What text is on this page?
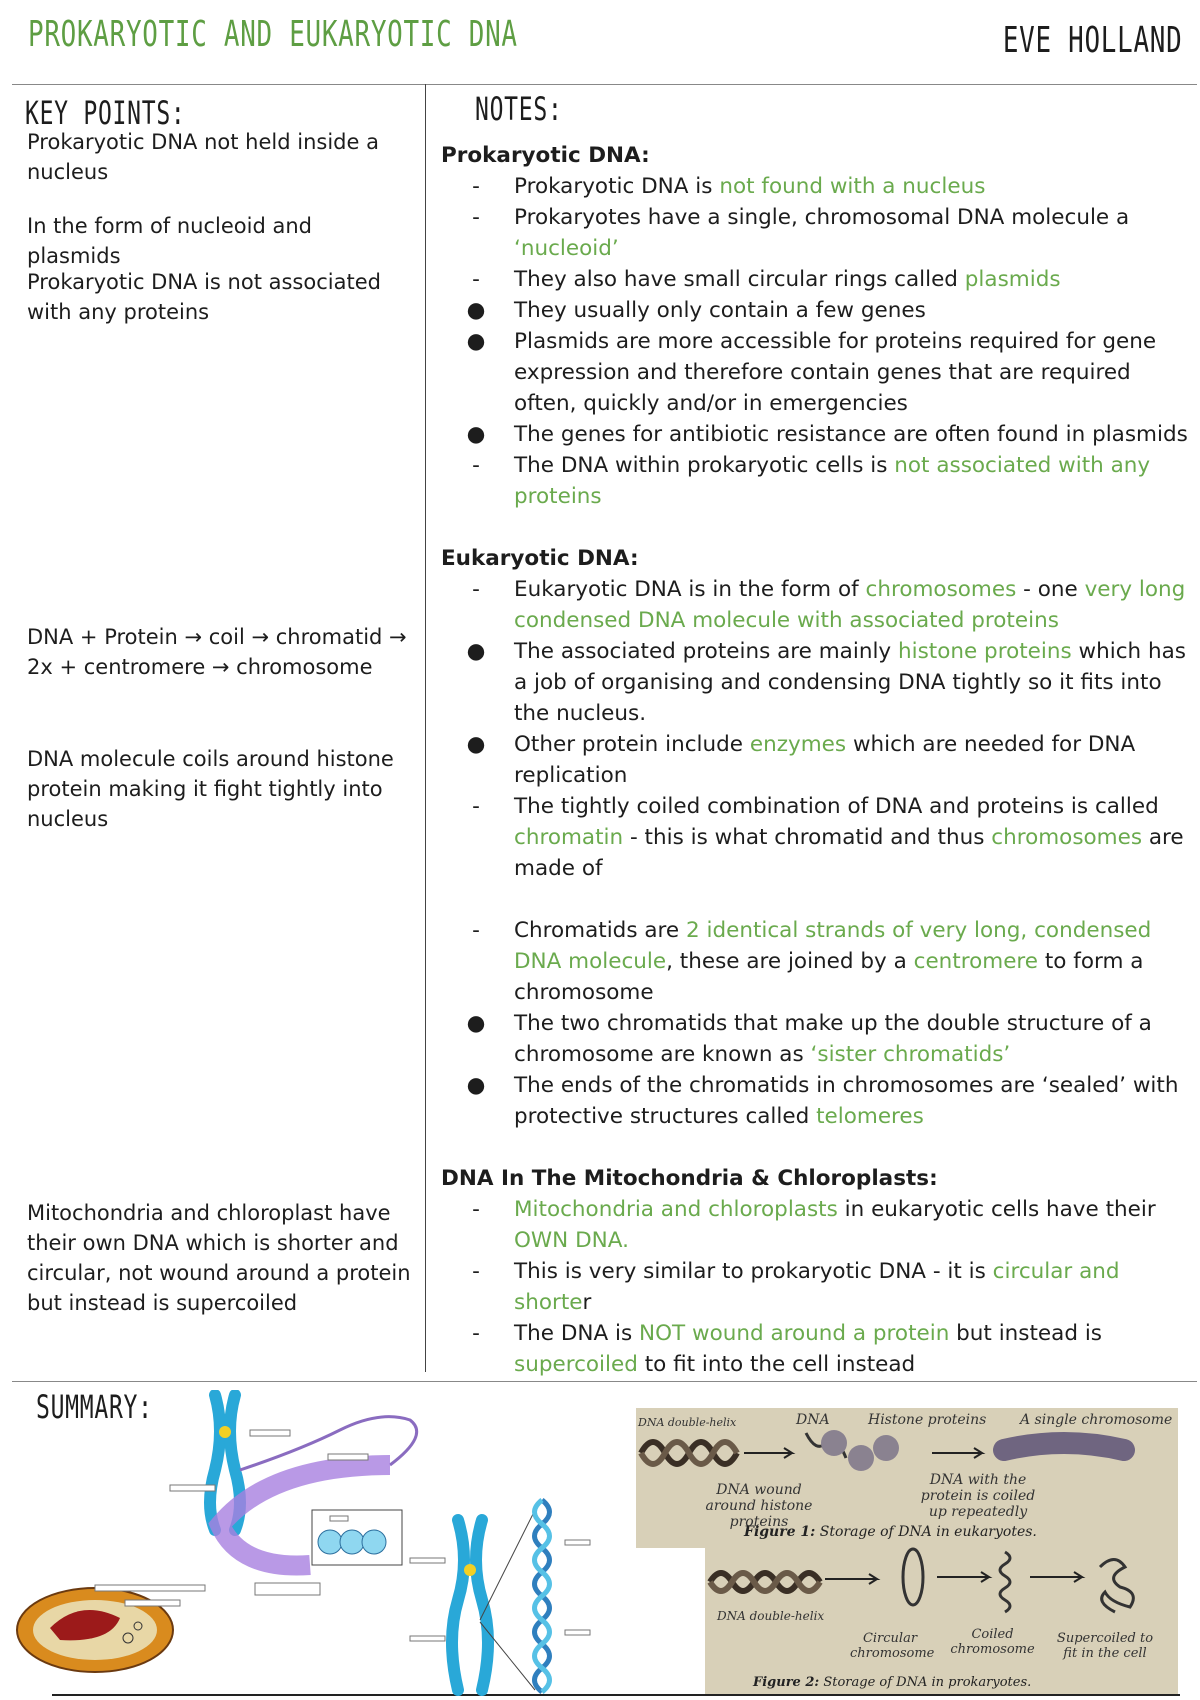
PROKARYOTIC AND EUKARYOTIC DNA	EVE HOLLAND
KEY POINTS:
Prokaryotic DNA not held inside a nucleus
In the form of nucleoid and plasmids
Prokaryotic DNA is not associated with any proteins
DNA + Protein → coil → chromatid → 2x + centromere → chromosome
DNA molecule coils around histone protein making it fight tightly into nucleus
Mitochondria and chloroplast have their own DNA which is shorter and circular, not wound around a protein but instead is supercoiled
NOTES:

Prokaryotic DNA:

- Prokaryotic DNA is not found with a nucleus
- Prokaryotes have a single, chromosomal DNA molecule a ‘nucleoid’
- They also have small circular rings called plasmids
● They usually only contain a few genes
● Plasmids are more accessible for proteins required for gene expression and therefore contain genes that are required often, quickly and/or in emergencies
● The genes for antibiotic resistance are often found in plasmids
- The DNA within prokaryotic cells is not associated with any proteins

Eukaryotic DNA:

- Eukaryotic DNA is in the form of chromosomes - one very long condensed DNA molecule with associated proteins
● The associated proteins are mainly histone proteins which has a job of organising and condensing DNA tightly so it fits into the nucleus.
● Other protein include enzymes which are needed for DNA replication
- The tightly coiled combination of DNA and proteins is called chromatin - this is what chromatid and thus chromosomes are made of
- Chromatids are 2 identical strands of very long, condensed DNA molecule, these are joined by a centromere to form a chromosome
● The two chromatids that make up the double structure of a chromosome are known as ‘sister chromatids’
● The ends of the chromatids in chromosomes are ‘sealed’ with protective structures called telomeres

DNA In The Mitochondria & Chloroplasts:

- Mitochondria and chloroplasts in eukaryotic cells have their OWN DNA.
- This is very similar to prokaryotic DNA - it is circular and shorter
- The DNA is NOT wound around a protein but instead is supercoiled to fit into the cell instead
SUMMARY:	DNA double-helix	DNA	Histone proteins A single chromosome
DNA wound around histone proteins
DNA with the protein is coiled up repeatedly
Figure 1: Storage of DNA in eukaryotes.
DNA double-helix
Circular chromosome
Coiled chromosome
Supercoiled to fit in the cell
Figure 2: Storage of DNA in prokaryotes.
